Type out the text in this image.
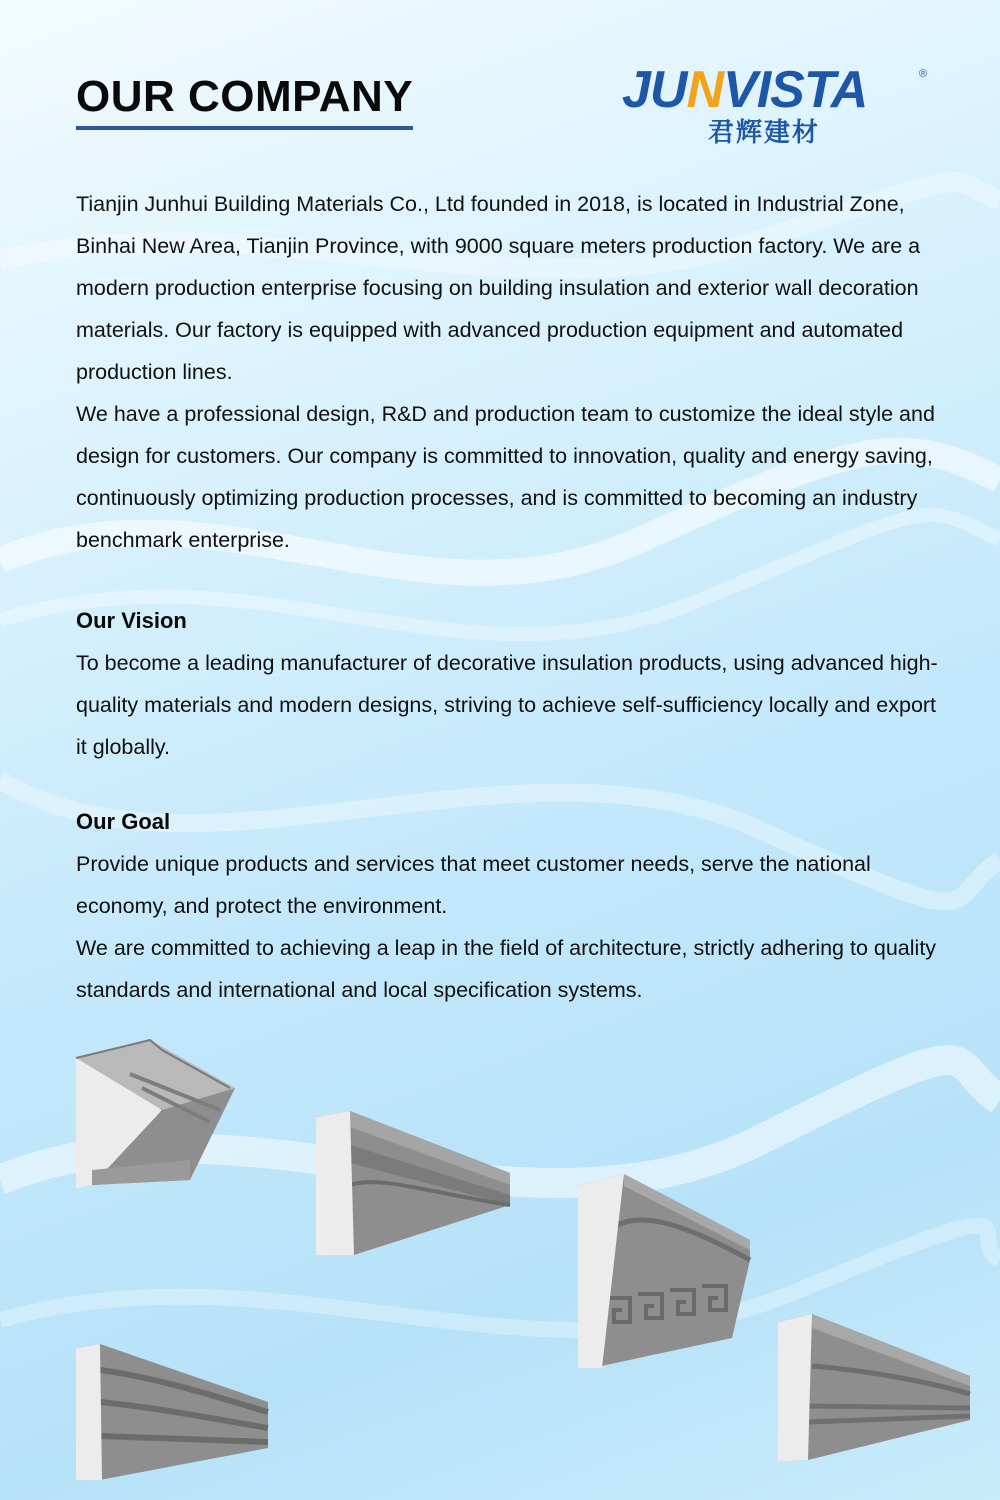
OUR COMPANY	JUNVISTA	®
君辉建材

Tianjin Junhui Building Materials Co., Ltd founded in 2018, is located in Industrial Zone, Binhai New Area, Tianjin Province, with 9000 square meters production factory. We are a modern production enterprise focusing on building insulation and exterior wall decoration materials. Our factory is equipped with advanced production equipment and automated production lines.

We have a professional design, R&D and production team to customize the ideal style and design for customers. Our company is committed to innovation, quality and energy saving, continuously optimizing production processes, and is committed to becoming an industry benchmark enterprise.

Our Vision

To become a leading manufacturer of decorative insulation products, using advanced high-quality materials and modern designs, striving to achieve self-sufficiency locally and export it globally.

Our Goal

Provide unique products and services that meet customer needs, serve the national economy, and protect the environment.

We are committed to achieving a leap in the field of architecture, strictly adhering to quality standards and international and local specification systems.
